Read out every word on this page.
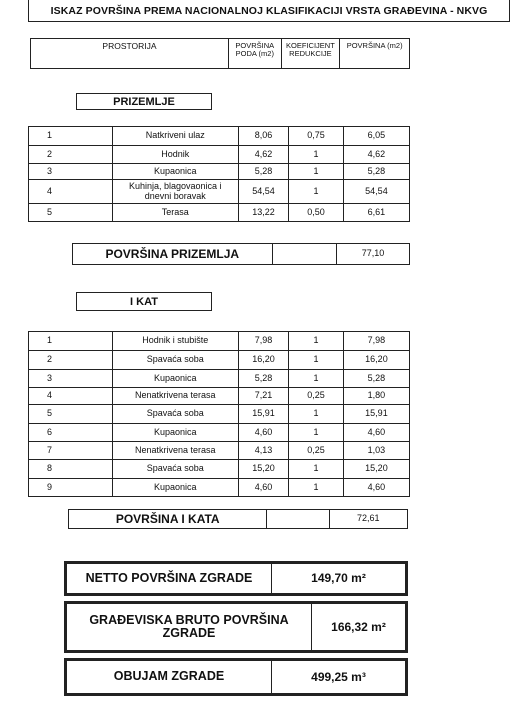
ISKAZ POVRŠINA PREMA NACIONALNOJ KLASIFIKACIJI VRSTA GRAĐEVINA - NKVG
PROSTORIJA	POVRŠINA PODA (m2)	KOEFICIJENT REDUKCIJE	POVRŠINA (m2)
PRIZEMLJE
1	Natkriveni ulaz	8,06	0,75	6,05
2	Hodnik	4,62	1	4,62
3	Kupaonica	5,28	1	5,28
4	Kuhinja, blagovaonica i dnevni boravak	54,54	1	54,54
5	Terasa	13,22	0,50	6,61
POVRŠINA PRIZEMLJA		77,10
I KAT
1	Hodnik i stubište	7,98	1	7,98
2	Spavaća soba	16,20	1	16,20
3	Kupaonica	5,28	1	5,28
4	Nenatkrivena terasa	7,21	0,25	1,80
5	Spavaća soba	15,91	1	15,91
6	Kupaonica	4,60	1	4,60
7	Nenatkrivena terasa	4,13	0,25	1,03
8	Spavaća soba	15,20	1	15,20
9	Kupaonica	4,60	1	4,60
POVRŠINA I KATA		72,61
NETTO POVRŠINA ZGRADE	149,70 m²
GRAĐEVISKA BRUTO POVRŠINA ZGRADE	166,32 m²
OBUJAM ZGRADE	499,25 m³
